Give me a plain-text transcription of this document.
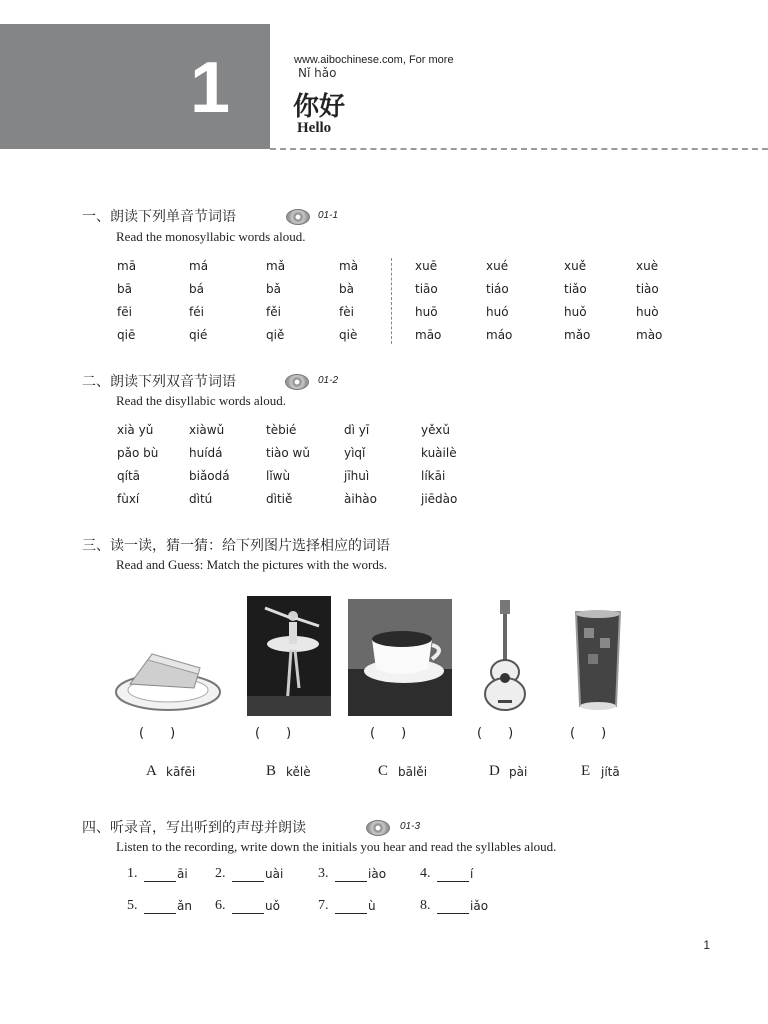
1	www.aibochinese.com, For more
Nǐ hǎo
你好
Hello
一、朗读下列单音节词语	01-1
Read the monosyllabic words aloud.
mā	má	mǎ	mà	xuē	xué	xuě	xuè
bā	bá	bǎ	bà	tiāo	tiáo	tiǎo	tiào
fēi	féi	fěi	fèi	huō	huó	huǒ	huò
qiē	qié	qiě	qiè	māo	máo	mǎo	mào
二、朗读下列双音节词语	01-2
Read the disyllabic words aloud.
xià yǔ	xiàwǔ	tèbié	dì yī	yěxǔ
pǎo bù	huídá	tiào wǔ	yìqǐ	kuàilè
qítā	biǎodá	lǐwù	jīhuì	líkāi
fùxí	dìtú	dìtiě	àihào	jiēdào
三、读一读，猜一猜：给下列图片选择相应的词语
Read and Guess: Match the pictures with the words.
(　　)	(　　)	(　　)	(　　)	(　　)
A kāfēi	B kělè	C bālěi	D pài	E jítā
四、听录音，写出听到的声母并朗读	01-3
Listen to the recording, write down the initials you hear and read the syllables aloud.
1.	āi 2.	uài 3.	iào 4.	í
5.	ǎn 6.	uǒ	7.	ù	8.	iǎo
1
